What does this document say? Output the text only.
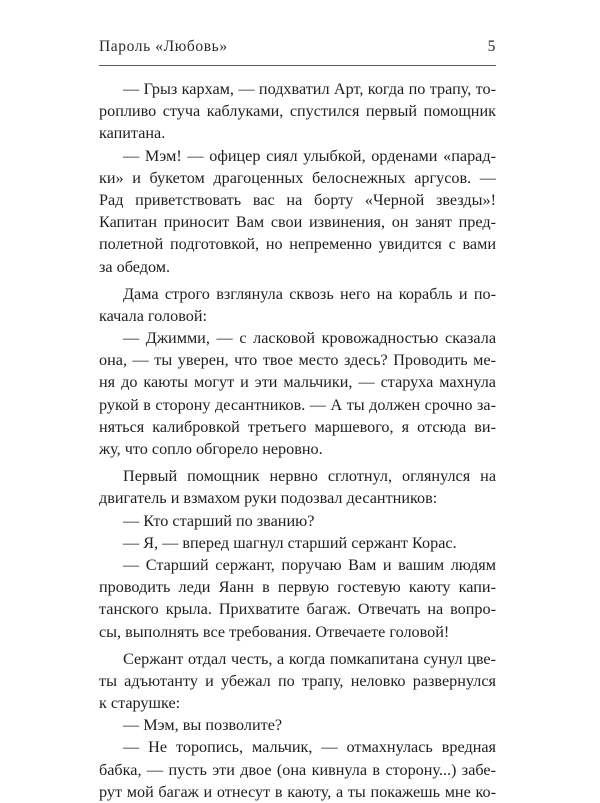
Пароль «Любовь»	5
— Грыз кархам, — подхватил Арт, когда по трапу, то-
ропливо стуча каблуками, спустился первый помощник
капитана.
— Мэм! — офицер сиял улыбкой, орденами «парад-
ки» и букетом драгоценных белоснежных аргусов. —
Рад приветствовать вас на борту «Черной звезды»!
Капитан приносит Вам свои извинения, он занят пред-
полетной подготовкой, но непременно увидится с вами
за обедом.
Дама строго взглянула сквозь него на корабль и по-
качала головой:
— Джимми, — с ласковой кровожадностью сказала
она, — ты уверен, что твое место здесь? Проводить ме-
ня до каюты могут и эти мальчики, — старуха махнула
рукой в сторону десантников. — А ты должен срочно за-
няться калибровкой третьего маршевого, я отсюда ви-
жу, что сопло обгорело неровно.
Первый помощник нервно сглотнул, оглянулся на
двигатель и взмахом руки подозвал десантников:
— Кто старший по званию?
— Я, — вперед шагнул старший сержант Корас.
— Старший сержант, поручаю Вам и вашим людям
проводить леди Яанн в первую гостевую каюту капи-
танского крыла. Прихватите багаж. Отвечать на вопро-
сы, выполнять все требования. Отвечаете головой!
Сержант отдал честь, а когда помкапитана сунул цве-
ты адъютанту и убежал по трапу, неловко развернулся
к старушке:
— Мэм, вы позволите?
— Не торопись, мальчик, — отмахнулась вредная
бабка, — пусть эти двое (она кивнула в сторону...) забе-
рут мой багаж и отнесут в каюту, а ты покажешь мне ко-
